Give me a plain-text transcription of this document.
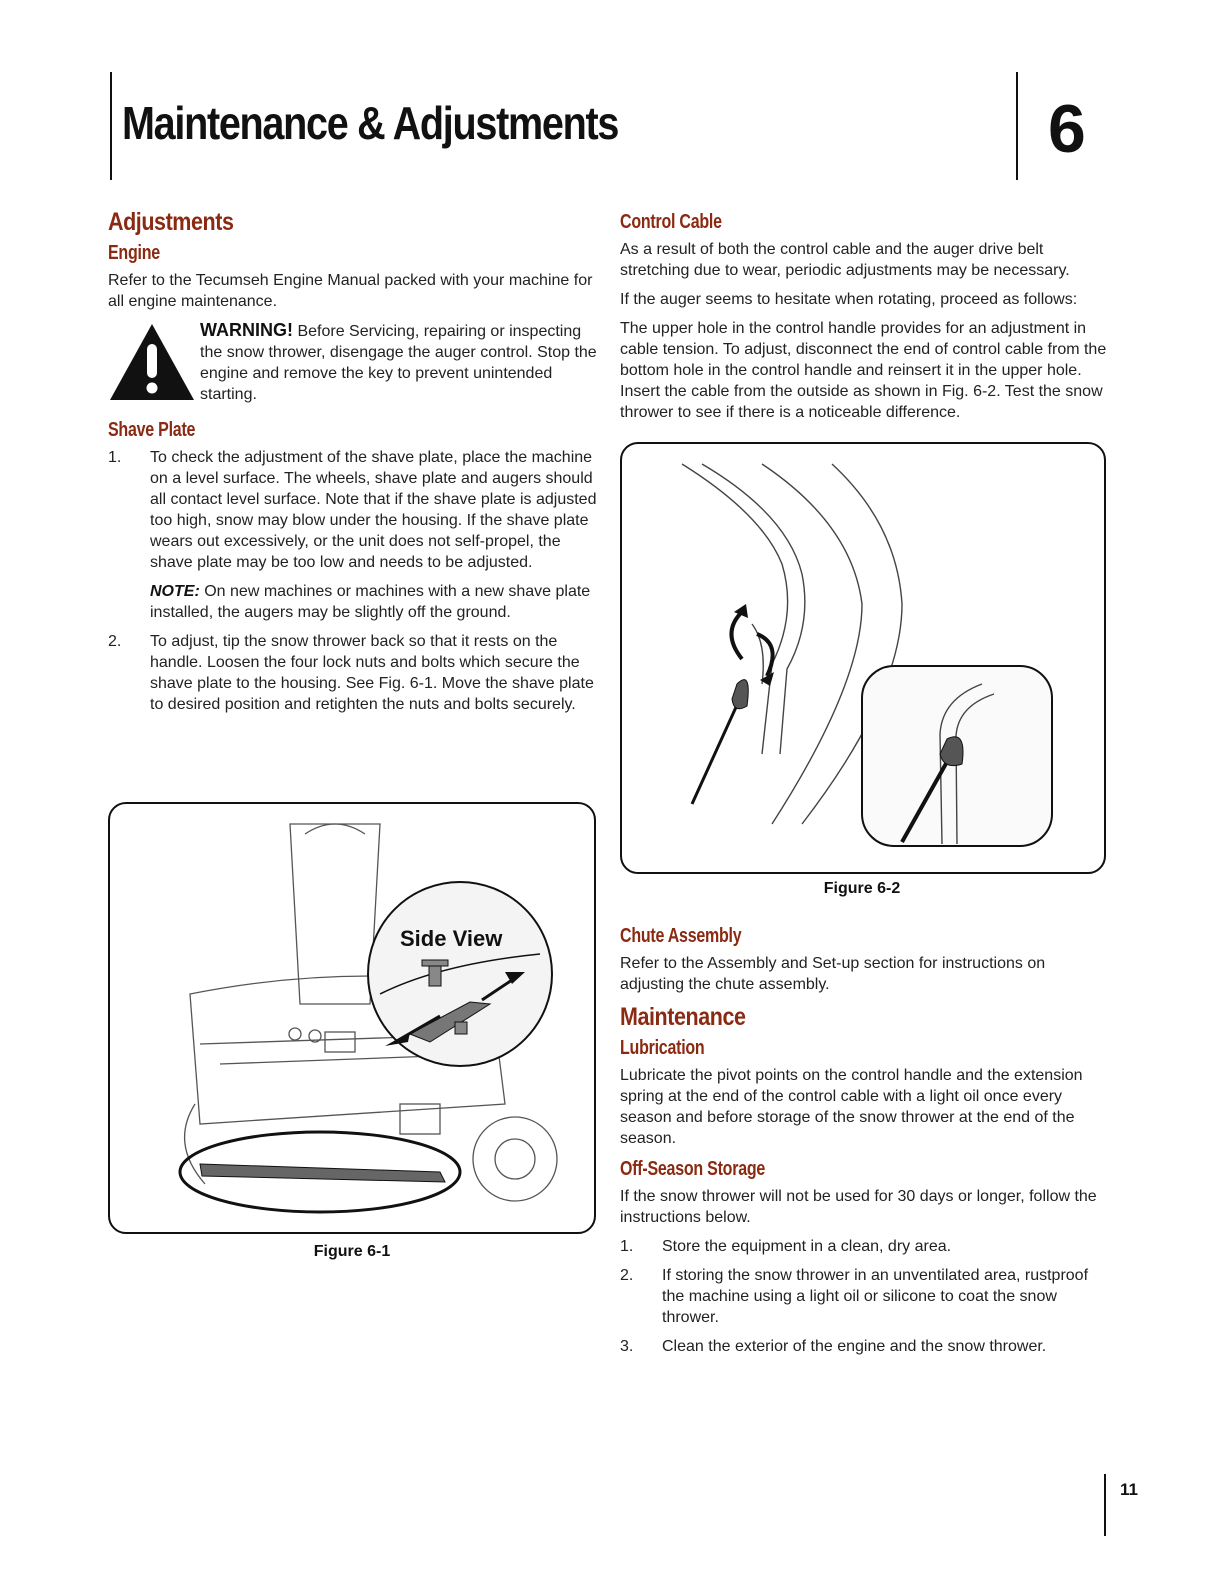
Maintenance & Adjustments	6
Adjustments
Engine

Refer to the Tecumseh Engine Manual packed with your machine for all engine maintenance.

WARNING! Before Servicing, repairing or inspecting the snow thrower, disengage the auger control. Stop the engine and remove the key to prevent unintended starting.
Shave Plate
1. To check the adjustment of the shave plate, place the machine on a level surface. The wheels, shave plate and augers should all contact level surface. Note that if the shave plate is adjusted too high, snow may blow under the housing. If the shave plate wears out excessively, or the unit does not self-propel, the shave plate may be too low and needs to be adjusted.

NOTE: On new machines or machines with a new shave plate installed, the augers may be slightly off the ground.

2. To adjust, tip the snow thrower back so that it rests on the handle. Loosen the four lock nuts and bolts which secure the shave plate to the housing. See Fig. 6-1. Move the shave plate to desired position and retighten the nuts and bolts securely.

Side View
Figure 6-1
Control Cable

As a result of both the control cable and the auger drive belt stretching due to wear, periodic adjustments may be necessary.

If the auger seems to hesitate when rotating, proceed as follows:

The upper hole in the control handle provides for an adjustment in cable tension. To adjust, disconnect the end of control cable from the bottom hole in the control handle and reinsert it in the upper hole. Insert the cable from the outside as shown in Fig. 6-2. Test the snow thrower to see if there is a noticeable difference.

Figure 6-2
Chute Assembly

Refer to the Assembly and Set-up section for instructions on adjusting the chute assembly.

Maintenance
Lubrication

Lubricate the pivot points on the control handle and the extension spring at the end of the control cable with a light oil once every season and before storage of the snow thrower at the end of the season.

Off-Season Storage

If the snow thrower will not be used for 30 days or longer, follow the instructions below.

1. Store the equipment in a clean, dry area.
2. If storing the snow thrower in an unventilated area, rustproof the machine using a light oil or silicone to coat the snow thrower.
3. Clean the exterior of the engine and the snow thrower.
11
